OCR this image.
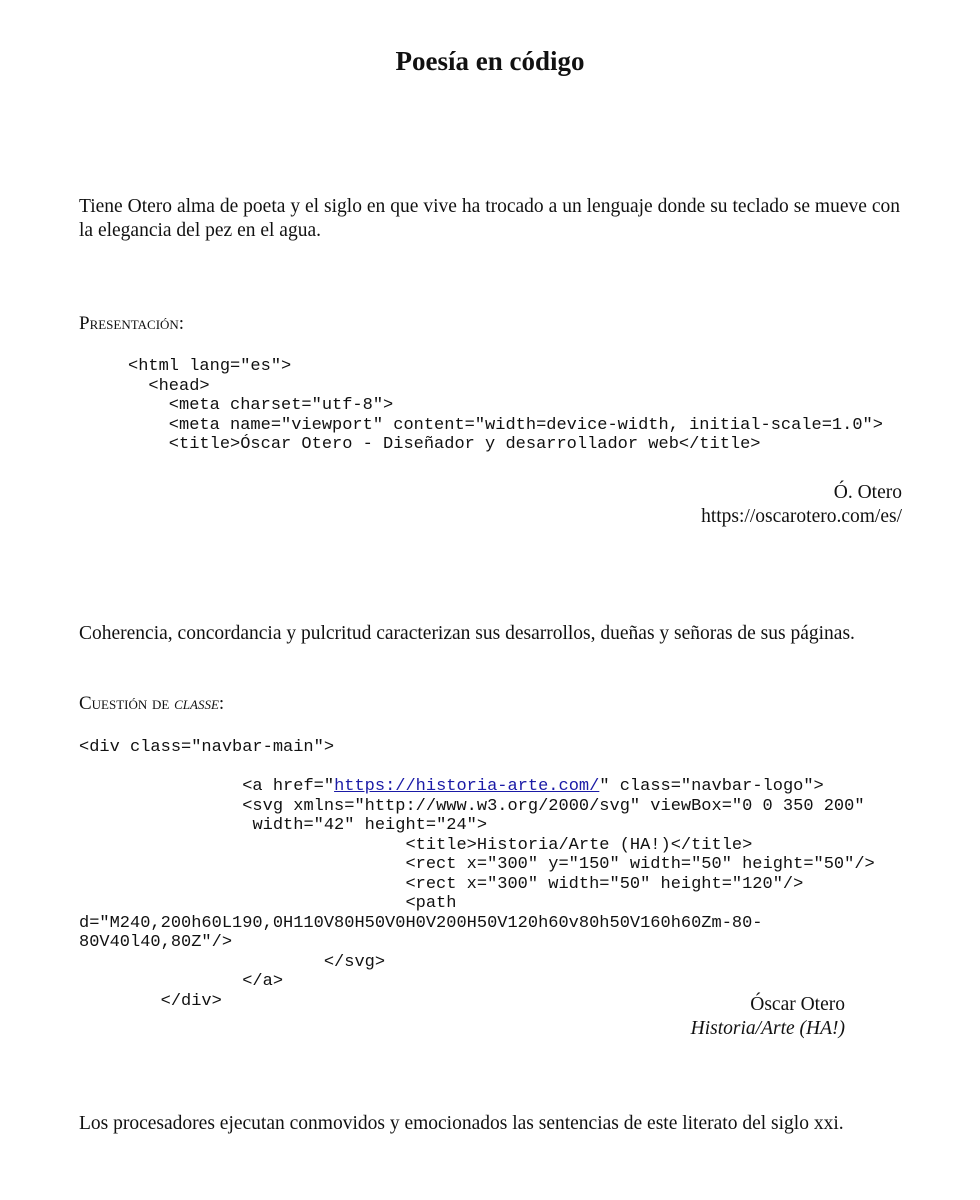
Poesía en código

Tiene Otero alma de poeta y el siglo en que vive ha trocado a un lenguaje donde su teclado se mueve con la elegancia del pez en el agua.

Presentación:
<html lang="es">
<head>
<meta charset="utf-8">
<meta name="viewport" content="width=device-width, initial-scale=1.0">
<title>Óscar Otero - Diseñador y desarrollador web</title>
Ó. Otero
https://oscarotero.com/es/

Coherencia, concordancia y pulcritud caracterizan sus desarrollos, dueñas y señoras de sus páginas.

Cuestión de classe:
<div class="navbar-main">

<a href="https://historia-arte.com/" class="navbar-logo">
<svg xmlns="http://www.w3.org/2000/svg" viewBox="0 0 350 200"
width="42" height="24">
<title>Historia/Arte (HA!)</title>
<rect x="300" y="150" width="50" height="50"/>
<rect x="300" width="50" height="120"/>
<path
d="M240,200h60L190,0H110V80H50V0H0V200H50V120h60v80h50V160h60Zm-80-
80V40l40,80Z"/>
</svg>
</a>
</div>	Óscar Otero
Historia/Arte (HA!)

Los procesadores ejecutan conmovidos y emocionados las sentencias de este literato del siglo xxi.
